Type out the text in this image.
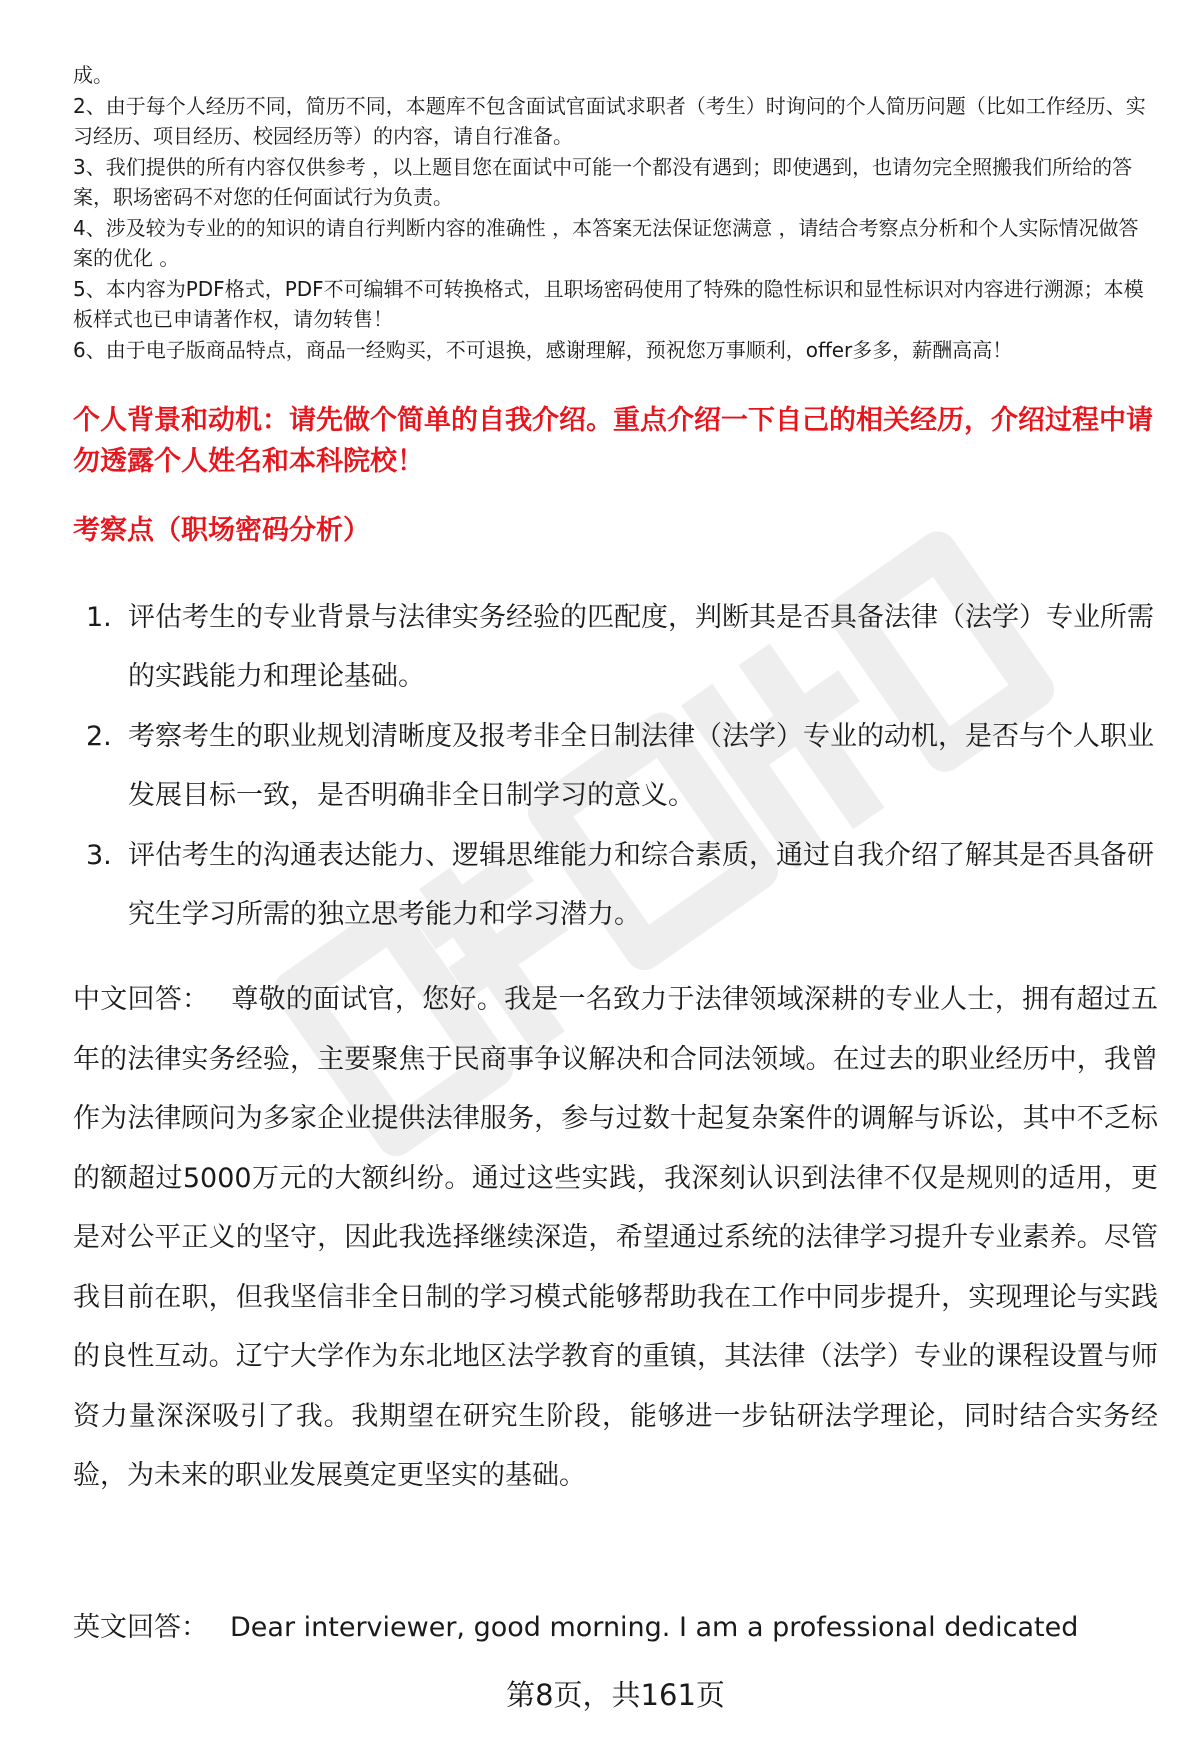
成。

2、由于每个人经历不同，简历不同，本题库不包含面试官面试求职者（考生）时询问的个人简历问题（比如工作经历、实习经历、项目经历、校园经历等）的内容，请自行准备。

3、我们提供的所有内容仅供参考 ，以上题目您在面试中可能一个都没有遇到；即使遇到，也请勿完全照搬我们所给的答案，职场密码不对您的任何面试行为负责。

4、涉及较为专业的的知识的请自行判断内容的准确性 ，本答案无法保证您满意 ，请结合考察点分析和个人实际情况做答案的优化 。

5、本内容为PDF格式，PDF不可编辑不可转换格式，且职场密码使用了特殊的隐性标识和显性标识对内容进行溯源；本模板样式也已申请著作权，请勿转售！

6、由于电子版商品特点，商品一经购买，不可退换，感谢理解，预祝您万事顺利，offer多多，薪酬高高！

个人背景和动机：请先做个简单的自我介绍。重点介绍一下自己的相关经历，介绍过程中请勿透露个人姓名和本科院校！
考察点（职场密码分析）
1. 评估考生的专业背景与法律实务经验的匹配度，判断其是否具备法律（法学）专业所需的实践能力和理论基础。
2. 考察考生的职业规划清晰度及报考非全日制法律（法学）专业的动机，是否与个人职业发展目标一致，是否明确非全日制学习的意义。
3. 评估考生的沟通表达能力、逻辑思维能力和综合素质，通过自我介绍了解其是否具备研究生学习所需的独立思考能力和学习潜力。

中文回答： 尊敬的面试官，您好。我是一名致力于法律领域深耕的专业人士，拥有超过五年的法律实务经验，主要聚焦于民商事争议解决和合同法领域。在过去的职业经历中，我曾作为法律顾问为多家企业提供法律服务，参与过数十起复杂案件的调解与诉讼，其中不乏标的额超过5000万元的大额纠纷。通过这些实践，我深刻认识到法律不仅是规则的适用，更是对公平正义的坚守，因此我选择继续深造，希望通过系统的法律学习提升专业素养。尽管我目前在职，但我坚信非全日制的学习模式能够帮助我在工作中同步提升，实现理论与实践的良性互动。辽宁大学作为东北地区法学教育的重镇，其法律（法学）专业的课程设置与师资力量深深吸引了我。我期望在研究生阶段，能够进一步钻研法学理论，同时结合实务经验，为未来的职业发展奠定更坚实的基础。

英文回答： Dear interviewer, good morning. I am a professional dedicated

第8页，共161页
